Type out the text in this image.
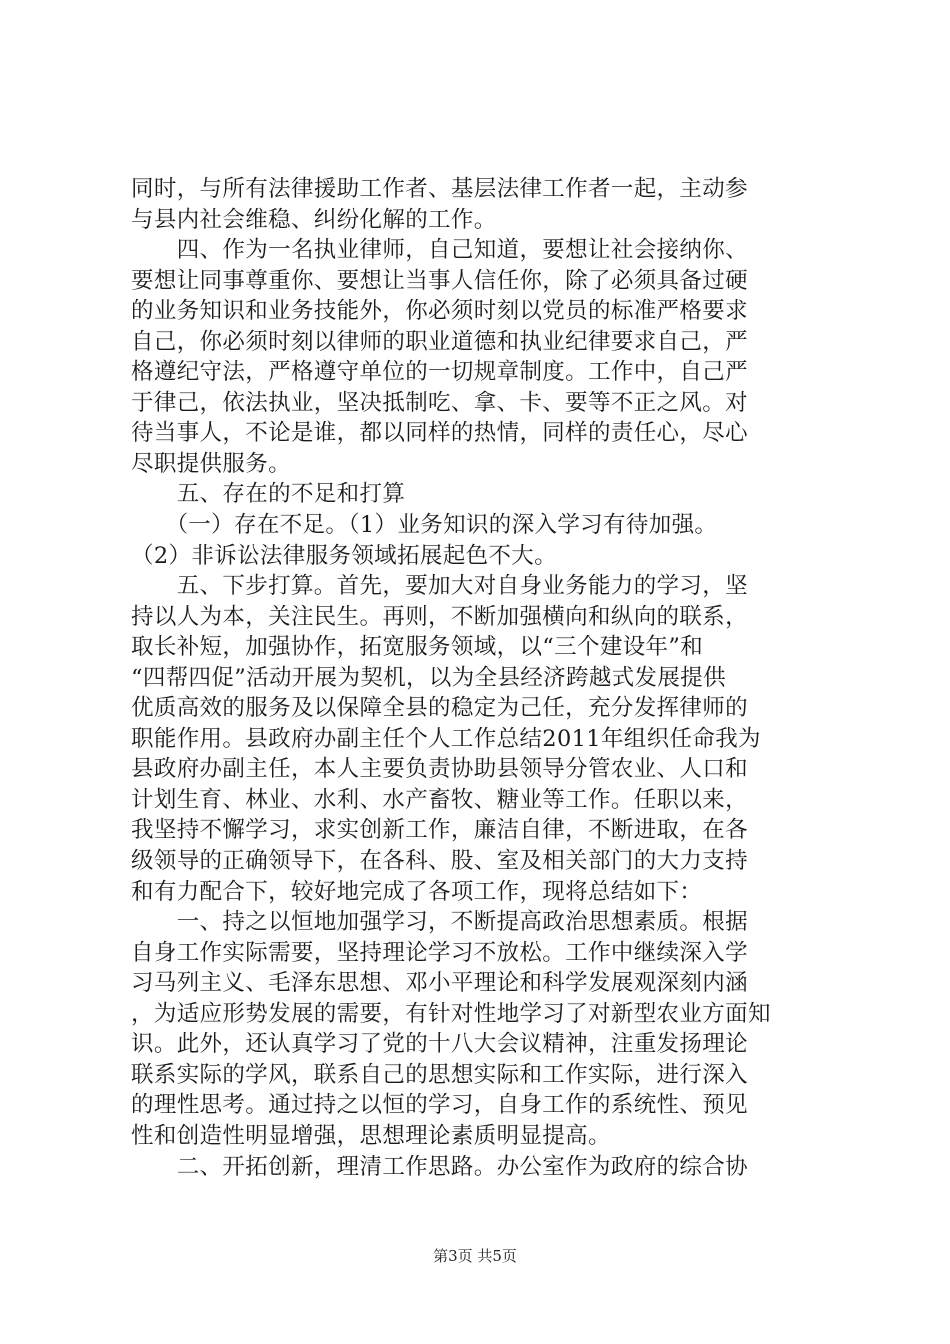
同时，与所有法律援助工作者、基层法律工作者一起，主动参
与县内社会维稳、纠纷化解的工作。
　　四、作为一名执业律师，自己知道，要想让社会接纳你、
要想让同事尊重你、要想让当事人信任你，除了必须具备过硬
的业务知识和业务技能外，你必须时刻以党员的标准严格要求
自己，你必须时刻以律师的职业道德和执业纪律要求自己，严
格遵纪守法，严格遵守单位的一切规章制度。工作中，自己严
于律己，依法执业，坚决抵制吃、拿、卡、要等不正之风。对
待当事人，不论是谁，都以同样的热情，同样的责任心，尽心
尽职提供服务。
　　五、存在的不足和打算
　　（一）存在不足。（1）业务知识的深入学习有待加强。
（2）非诉讼法律服务领域拓展起色不大。
　　五、下步打算。首先，要加大对自身业务能力的学习，坚
持以人为本，关注民生。再则，不断加强横向和纵向的联系，
取长补短，加强协作，拓宽服务领域，以“三个建设年”和
“四帮四促”活动开展为契机，以为全县经济跨越式发展提供
优质高效的服务及以保障全县的稳定为己任，充分发挥律师的
职能作用。县政府办副主任个人工作总结2011年组织任命我为
县政府办副主任，本人主要负责协助县领导分管农业、人口和
计划生育、林业、水利、水产畜牧、糖业等工作。任职以来，
我坚持不懈学习，求实创新工作，廉洁自律，不断进取，在各
级领导的正确领导下，在各科、股、室及相关部门的大力支持
和有力配合下，较好地完成了各项工作，现将总结如下：
　　一、持之以恒地加强学习，不断提高政治思想素质。根据
自身工作实际需要，坚持理论学习不放松。工作中继续深入学
习马列主义、毛泽东思想、邓小平理论和科学发展观深刻内涵
，为适应形势发展的需要，有针对性地学习了对新型农业方面知
识。此外，还认真学习了党的十八大会议精神，注重发扬理论
联系实际的学风，联系自己的思想实际和工作实际，进行深入
的理性思考。通过持之以恒的学习，自身工作的系统性、预见
性和创造性明显增强，思想理论素质明显提高。
　　二、开拓创新，理清工作思路。办公室作为政府的综合协
第3页 共5页
